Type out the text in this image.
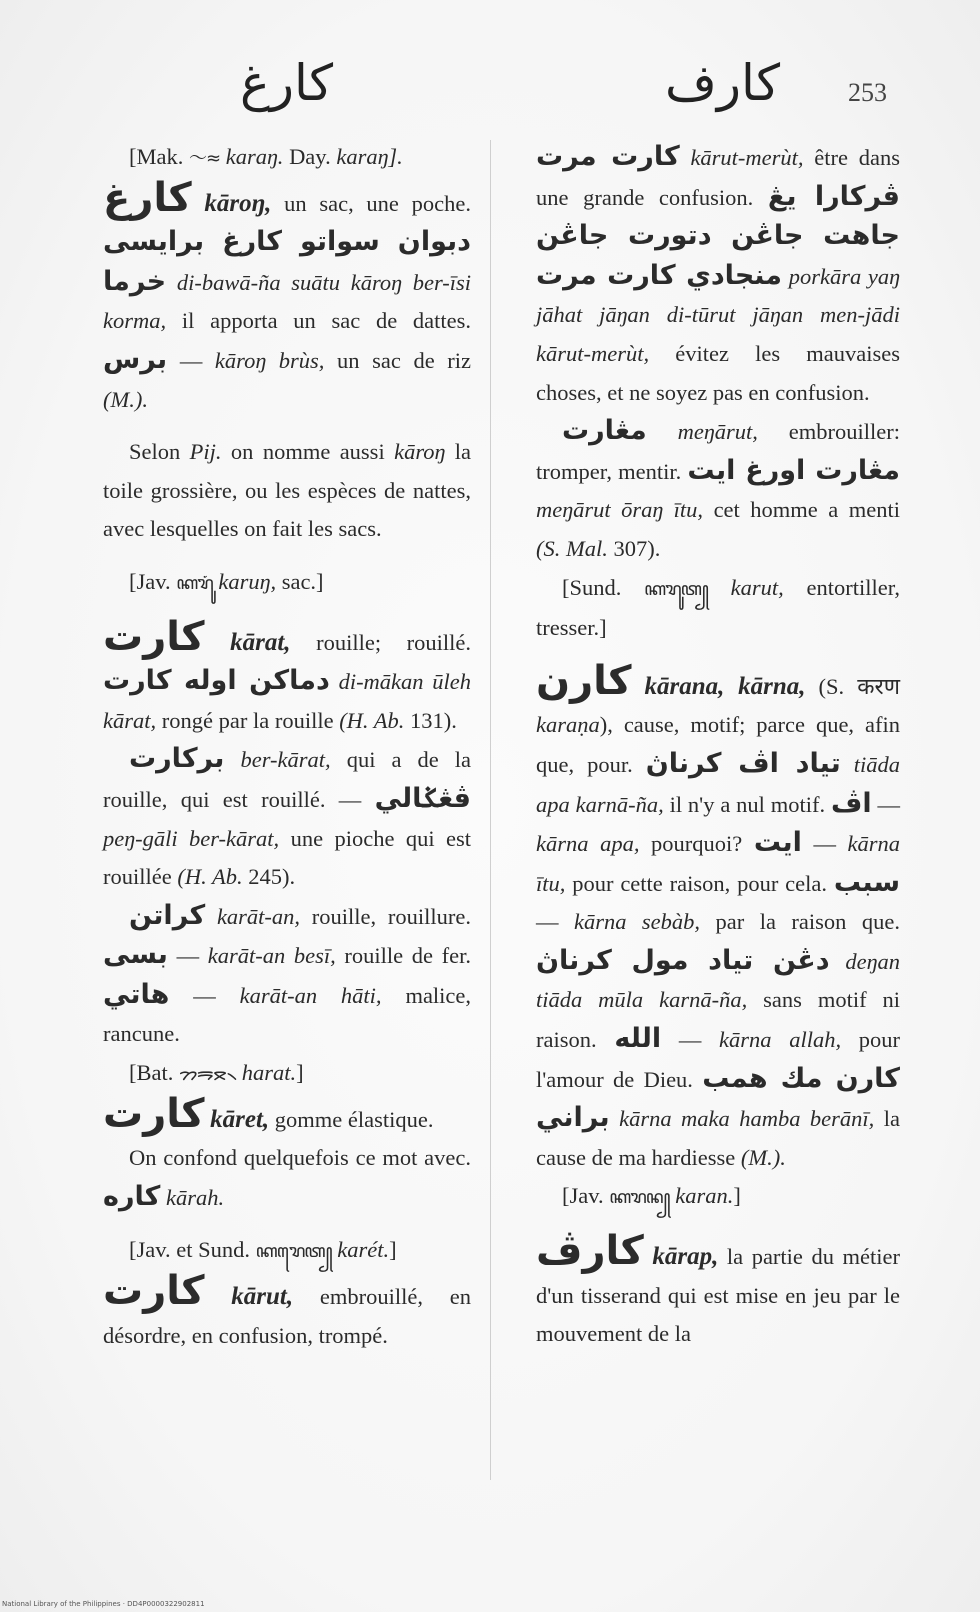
كارغ	كارف	253

[Mak. 〜≈ karaŋ. Day. karaŋ].

كارغ kāroŋ, un sac, une poche. دبوان سواتو كارغ برايسى خرما di-bawā-ña suātu kāroŋ ber-īsi korma, il apporta un sac de dattes. برس — kāroŋ brùs, un sac de riz (M.).

Selon Pij. on nomme aussi kāroŋ la toile grossière, ou les espèces de nattes, avec lesquelles on fait les sacs.

[Jav. ꦏꦫꦸꦁ karuŋ, sac.]

كارت kārat, rouille; rouillé. دماكن اوله كارت di-mākan ūleh kārat, rongé par la rouille (H. Ab. 131).

بركارت ber-kārat, qui a de la rouille, qui est rouillé. — ڤڠݢالي peŋ-gāli ber-kārat, une pioche qui est rouillée (H. Ab. 245).

كراتن karāt-an, rouille, rouillure. بسى — karāt-an besī, rouille de fer. هاتي — karāt-an hāti, malice, rancune.

[Bat. ᯂᯒᯖ᯲ harat.]

كارت kāret, gomme élastique.

On confond quelquefois ce mot avec. كاره kārah.

[Jav. et Sund. ꦏꦫꦺꦠ꧀ karét.]

كارت kārut, embrouillé, en désordre, en confusion, trompé.

كارت مرت kārut-merùt, être dans une grande confusion. ڤركارا يڠ جاهت جاڠن دتورت جاڠن منجادي كارت مرت porkāra yaŋ jāhat jāŋan di-tūrut jāŋan men-jādi kārut-merùt, évitez les mauvaises choses, et ne soyez pas en confusion.

مڠارت meŋārut, embrouiller: tromper, mentir. مڠارت اورغ ايت meŋārut ōraŋ ītu, cet homme a menti (S. Mal. 307).

[Sund. ꦏꦫꦸꦠ꧀ karut, entortiller, tresser.]

كارن kārana, kārna, (S. करण karaṇa), cause, motif; parce que, afin que, pour. تياد اڤ كرناڽ tiāda apa karnā-ña, il n'y a nul motif. اڤ — kārna apa, pourquoi? ايت — kārna ītu, pour cette raison, pour cela. سبب — kārna sebàb, par la raison que. دڠن تياد مول كرناڽ deŋan tiāda mūla karnā-ña, sans motif ni raison. الله — kārna allah, pour l'amour de Dieu. كارن مك همب براني kārna maka hamba berānī, la cause de ma hardiesse (M.).

[Jav. ꦏꦫꦤ꧀ karan.]

كارڤ kārap, la partie du métier d'un tisserand qui est mise en jeu par le mouvement de la

National Library of the Philippines · DD4P0000322902811
